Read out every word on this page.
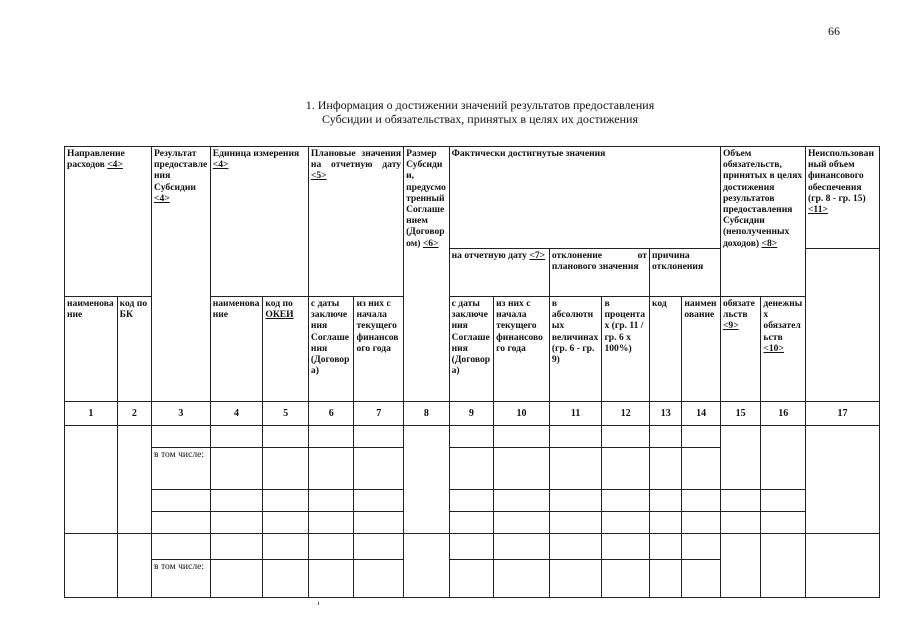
66
1. Информация о достижении значений результатов предоставления
Субсидии и обязательствах, принятых в целях их достижения
Направление расходов <4>		Результат предоставления Субсидии <4>	Единица измерения <4>		Плановые значения на отчетную дату <5>		Размер Субсидии, предусмотренный Соглашением (Договором) <6>	Фактически достигнутые значения						Объем обязательств, принятых в целях достижения результатов предоставления Субсидии (неполученных доходов) <8>		Неиспользованный объем финансового обеспечения (гр. 8 - гр. 15) <11>
								на отчетную дату <7>		отклонение от планового значения		причина отклонения				
наименование	код по БК		наименование	код по ОКЕИ	с даты заключения Соглашения (Договора)	из них с начала текущего финансового года		с даты заключения Соглашения (Договора)	из них с начала текущего финансового года	в абсолютных величинах (гр. 6 - гр. 9)	в процентах (гр. 11 / гр. 6 x 100%)	код	наименование	обязательств <9>	денежных обязательств <10>	
1	2	3	4	5	6	7	8	9	10	11	12	13	14	15	16	17

		в том числе:														

		в том числе:														
